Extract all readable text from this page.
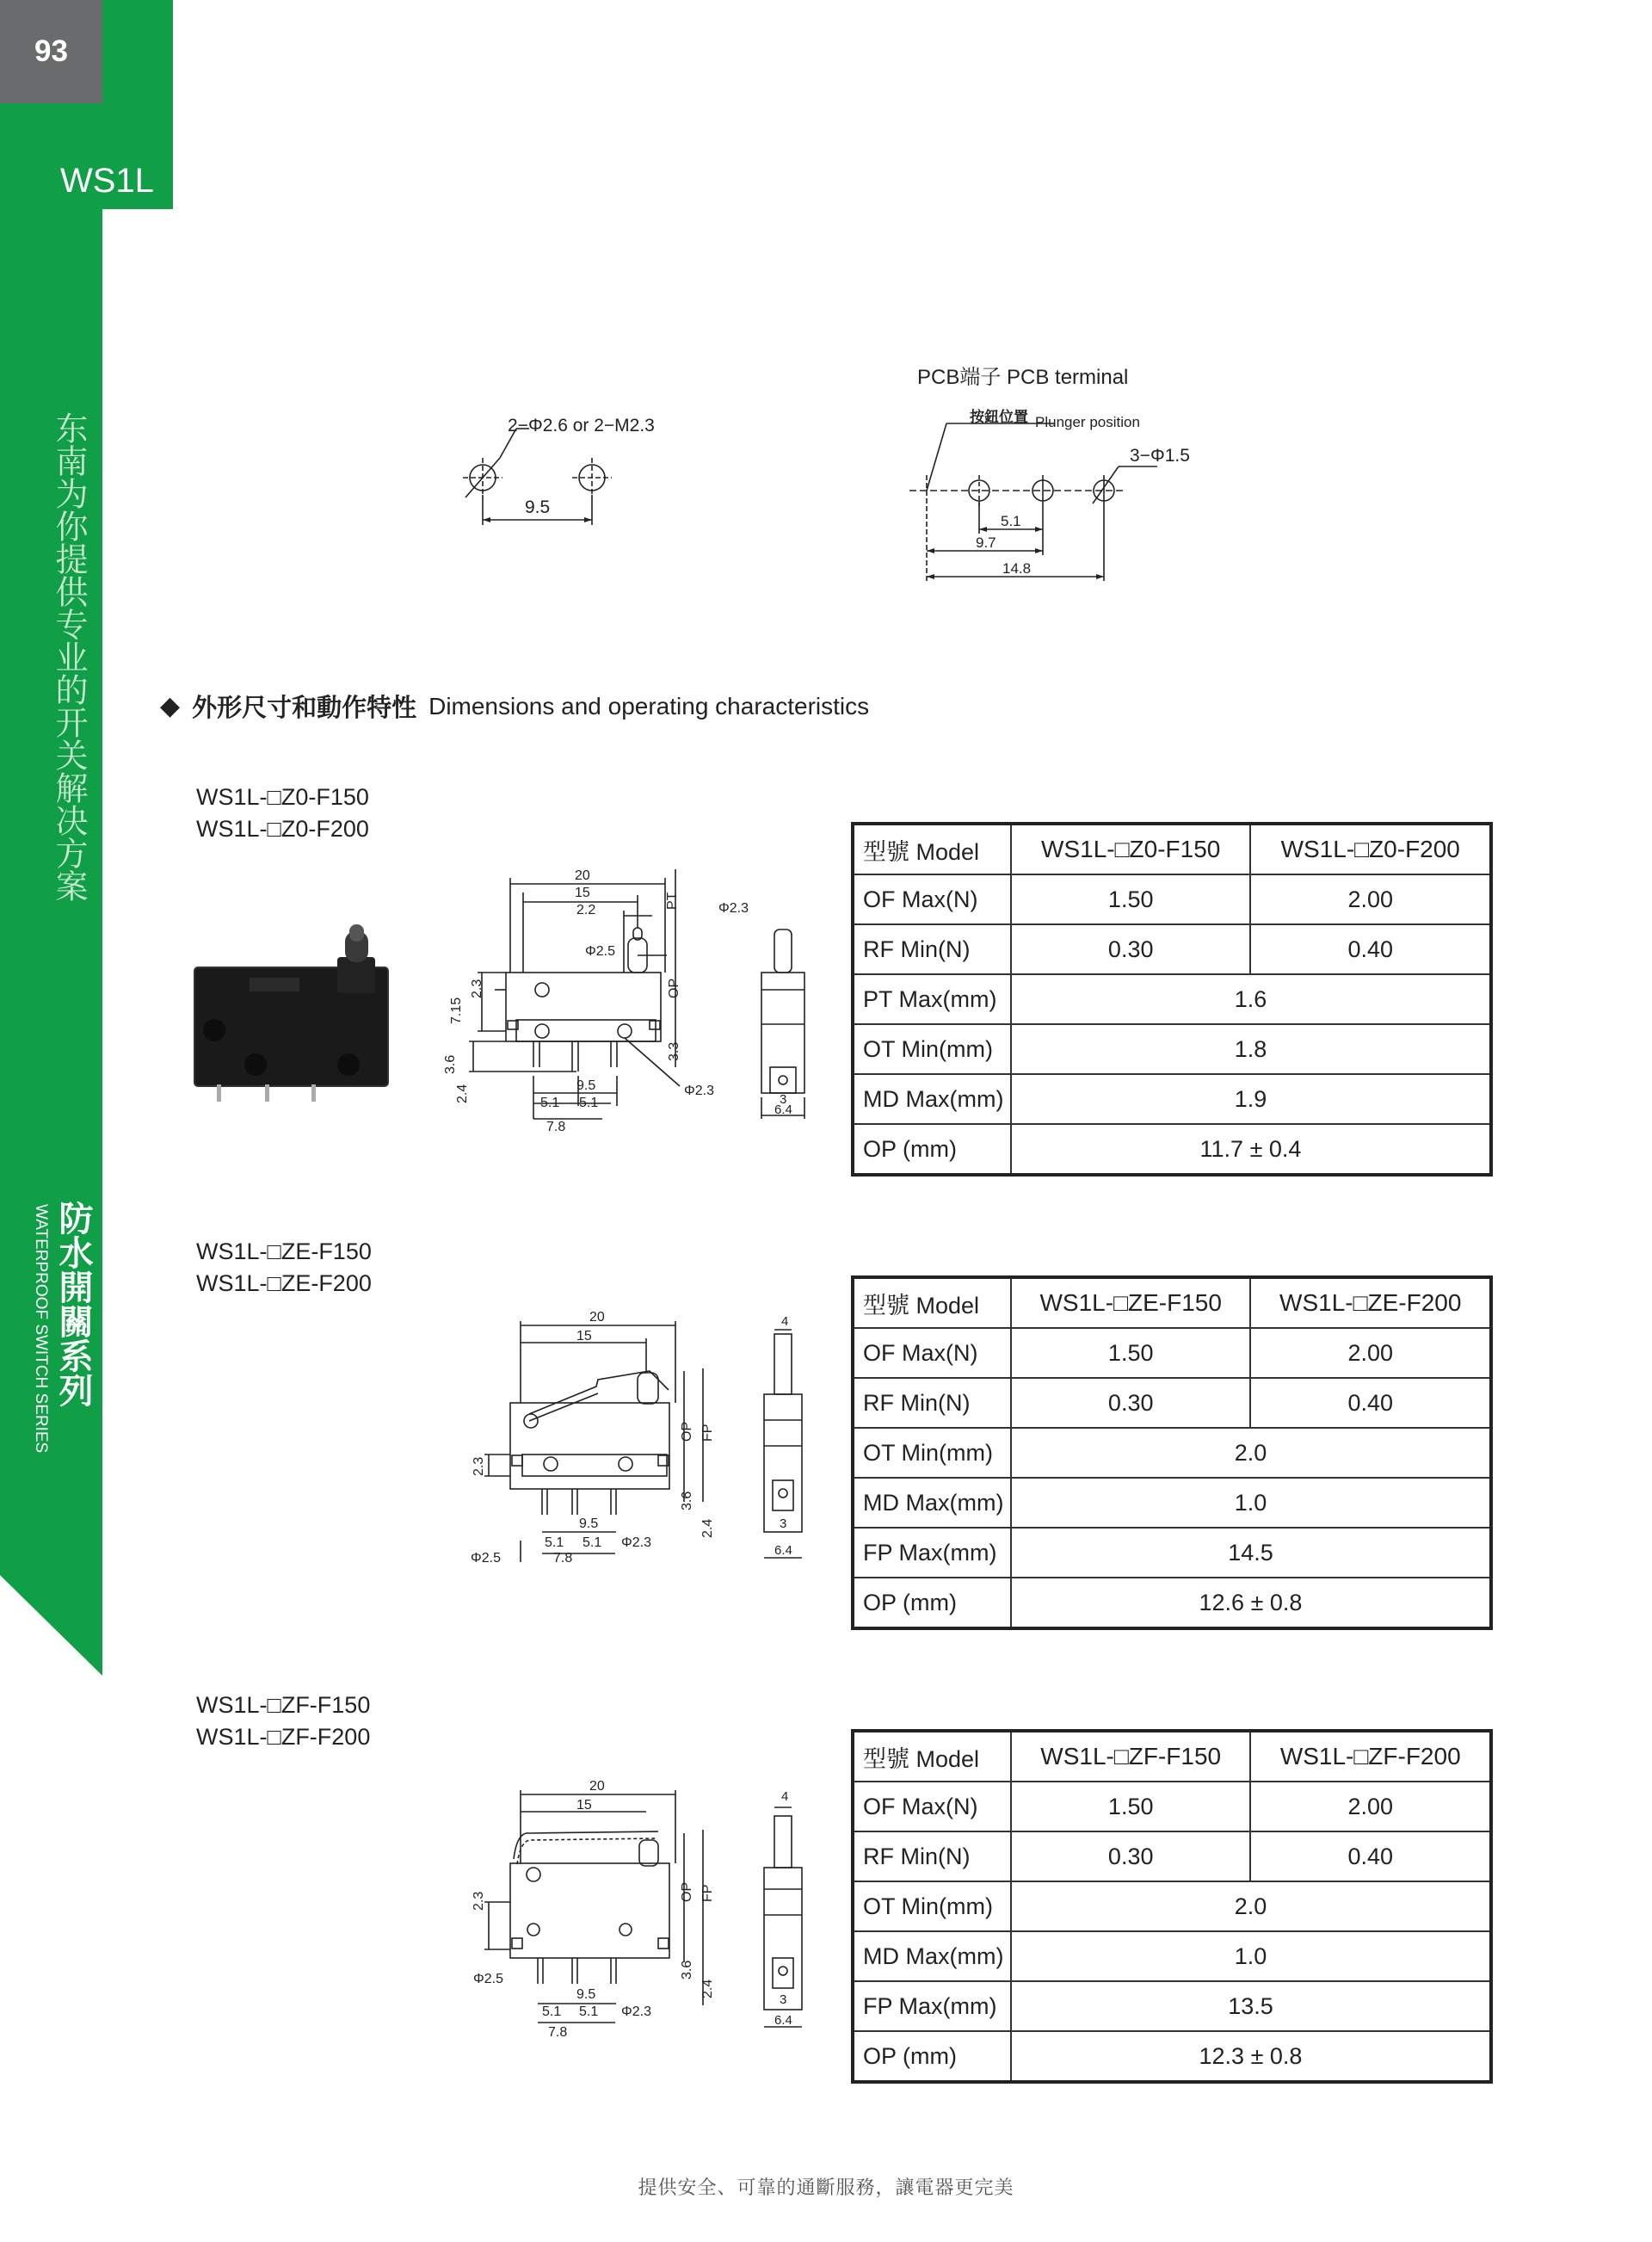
93
WS1L
东南为你提供专业的开关解决方案
防水開關系列
WATERPROOF SWITCH SERIES
PCB端子 PCB terminal
2−Φ2.6 or 2−M2.3
9.5
按鈕位置 Plunger position
3−Φ1.5
5.1
9.7
14.8
◆ 外形尺寸和動作特性 Dimensions and operating characteristics
WS1L-□Z0-F150
WS1L-□Z0-F200
20
15
2.2
PT	Φ2.3
Φ2.5
OP
7.15
2.3
3.3
3.6
2.4	9.5	Φ2.3
5.1 5.1
7.8
3
6.4
型號 Model	WS1L-□Z0-F150	WS1L-□Z0-F200
OF Max(N)	1.50	2.00
RF Min(N)	0.30	0.40
PT Max(mm)	1.6	
OT Min(mm)	1.8	
MD Max(mm)	1.9	
OP (mm)	11.7 ± 0.4	
WS1L-□ZE-F150
WS1L-□ZE-F200
20
15
OP FP
2.3
3.6
2.4
9.5
5.1 5.1 Φ2.3
Φ2.5	7.8
4
3
6.4
型號 Model	WS1L-□ZE-F150	WS1L-□ZE-F200
OF Max(N)	1.50	2.00
RF Min(N)	0.30	0.40
OT Min(mm)	2.0	
MD Max(mm)	1.0	
FP Max(mm)	14.5	
OP (mm)	12.6 ± 0.8	
WS1L-□ZF-F150
WS1L-□ZF-F200
20
15
OP FP
2.3
Φ2.5	3.6
2.4
9.5
5.1 5.1 Φ2.3
7.8
4
3
6.4
型號 Model	WS1L-□ZF-F150	WS1L-□ZF-F200
OF Max(N)	1.50	2.00
RF Min(N)	0.30	0.40
OT Min(mm)	2.0	
MD Max(mm)	1.0	
FP Max(mm)	13.5	
OP (mm)	12.3 ± 0.8	
提供安全、可靠的通斷服務，讓電器更完美
